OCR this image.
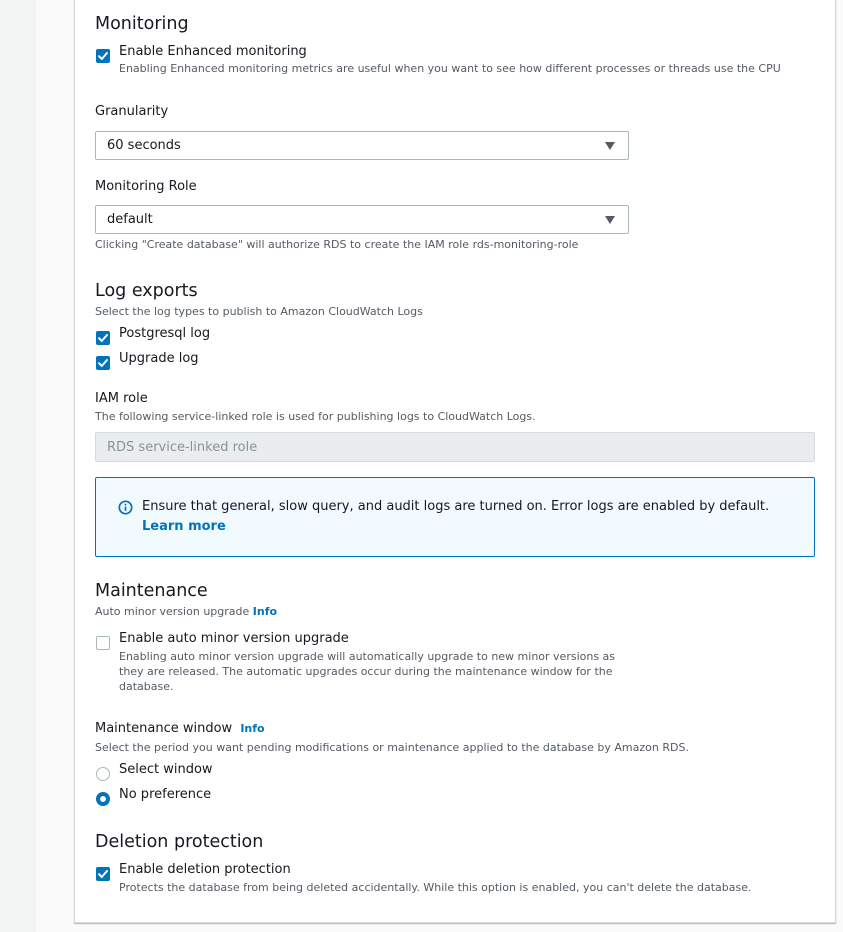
Monitoring
Enable Enhanced monitoring
Enabling Enhanced monitoring metrics are useful when you want to see how different processes or threads use the CPU
Granularity
60 seconds
Monitoring Role
default
Clicking "Create database" will authorize RDS to create the IAM role rds-monitoring-role
Log exports
Select the log types to publish to Amazon CloudWatch Logs
Postgresql log
Upgrade log
IAM role
The following service-linked role is used for publishing logs to CloudWatch Logs.
RDS service-linked role
Ensure that general, slow query, and audit logs are turned on. Error logs are enabled by default. Learn more
Maintenance
Auto minor version upgrade Info
Enable auto minor version upgrade
Enabling auto minor version upgrade will automatically upgrade to new minor versions as they are released. The automatic upgrades occur during the maintenance window for the database.
Maintenance window Info
Select the period you want pending modifications or maintenance applied to the database by Amazon RDS.
Select window
No preference
Deletion protection
Enable deletion protection
Protects the database from being deleted accidentally. While this option is enabled, you can't delete the database.
